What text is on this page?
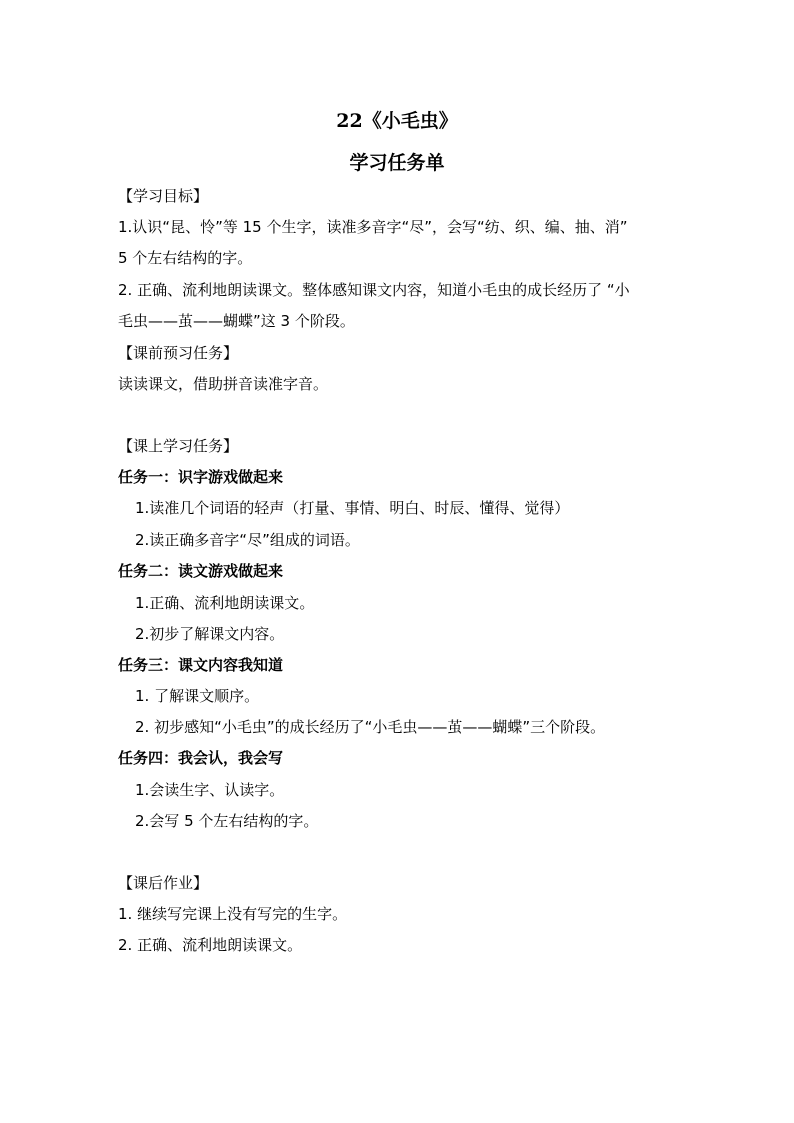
22《小毛虫》
学习任务单
【学习目标】
1.认识“昆、怜”等 15 个生字，读准多音字“尽”，会写“纺、织、编、抽、消”
5 个左右结构的字。
2. 正确、流利地朗读课文。整体感知课文内容，知道小毛虫的成长经历了 “小
毛虫——茧——蝴蝶”这 3 个阶段。
【课前预习任务】
读读课文，借助拼音读准字音。
【课上学习任务】
任务一：识字游戏做起来
1.读准几个词语的轻声（打量、事情、明白、时辰、懂得、觉得）
2.读正确多音字“尽”组成的词语。
任务二：读文游戏做起来
1.正确、流利地朗读课文。
2.初步了解课文内容。
任务三：课文内容我知道
1. 了解课文顺序。
2. 初步感知“小毛虫”的成长经历了“小毛虫——茧——蝴蝶”三个阶段。
任务四：我会认，我会写
1.会读生字、认读字。
2.会写 5 个左右结构的字。
【课后作业】
1. 继续写完课上没有写完的生字。
2. 正确、流利地朗读课文。
